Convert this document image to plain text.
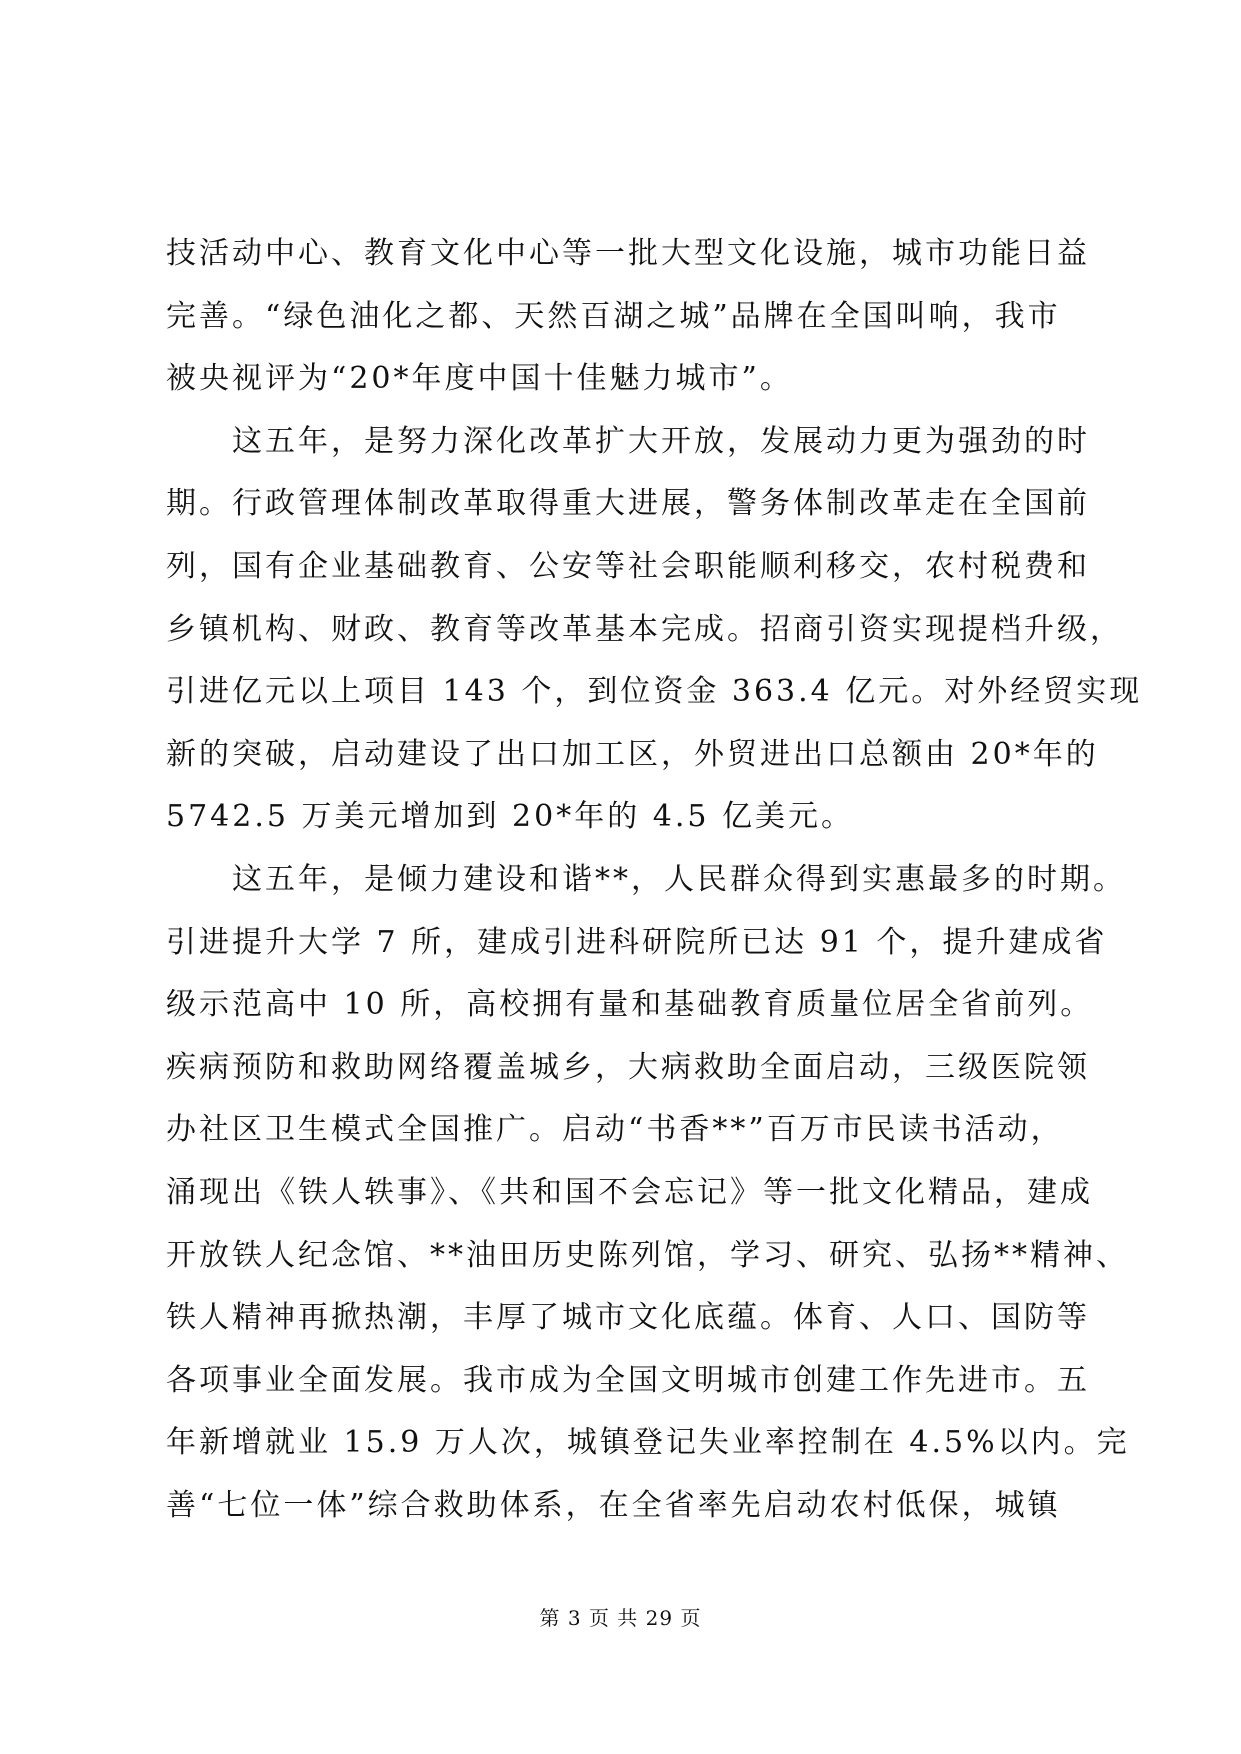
技活动中心、教育文化中心等一批大型文化设施，城市功能日益
完善。“绿色油化之都、天然百湖之城”品牌在全国叫响，我市
被央视评为“20*年度中国十佳魅力城市”。
这五年，是努力深化改革扩大开放，发展动力更为强劲的时
期。行政管理体制改革取得重大进展，警务体制改革走在全国前
列，国有企业基础教育、公安等社会职能顺利移交，农村税费和
乡镇机构、财政、教育等改革基本完成。招商引资实现提档升级，
引进亿元以上项目 143 个，到位资金 363.4 亿元。对外经贸实现
新的突破，启动建设了出口加工区，外贸进出口总额由 20*年的
5742.5 万美元增加到 20*年的 4.5 亿美元。
这五年，是倾力建设和谐**，人民群众得到实惠最多的时期。
引进提升大学 7 所，建成引进科研院所已达 91 个，提升建成省
级示范高中 10 所，高校拥有量和基础教育质量位居全省前列。
疾病预防和救助网络覆盖城乡，大病救助全面启动，三级医院领
办社区卫生模式全国推广。启动“书香**”百万市民读书活动，
涌现出《铁人轶事》、《共和国不会忘记》等一批文化精品，建成
开放铁人纪念馆、**油田历史陈列馆，学习、研究、弘扬**精神、
铁人精神再掀热潮，丰厚了城市文化底蕴。体育、人口、国防等
各项事业全面发展。我市成为全国文明城市创建工作先进市。五
年新增就业 15.9 万人次，城镇登记失业率控制在 4.5%以内。完
善“七位一体”综合救助体系，在全省率先启动农村低保，城镇
第 3 页 共 29 页
